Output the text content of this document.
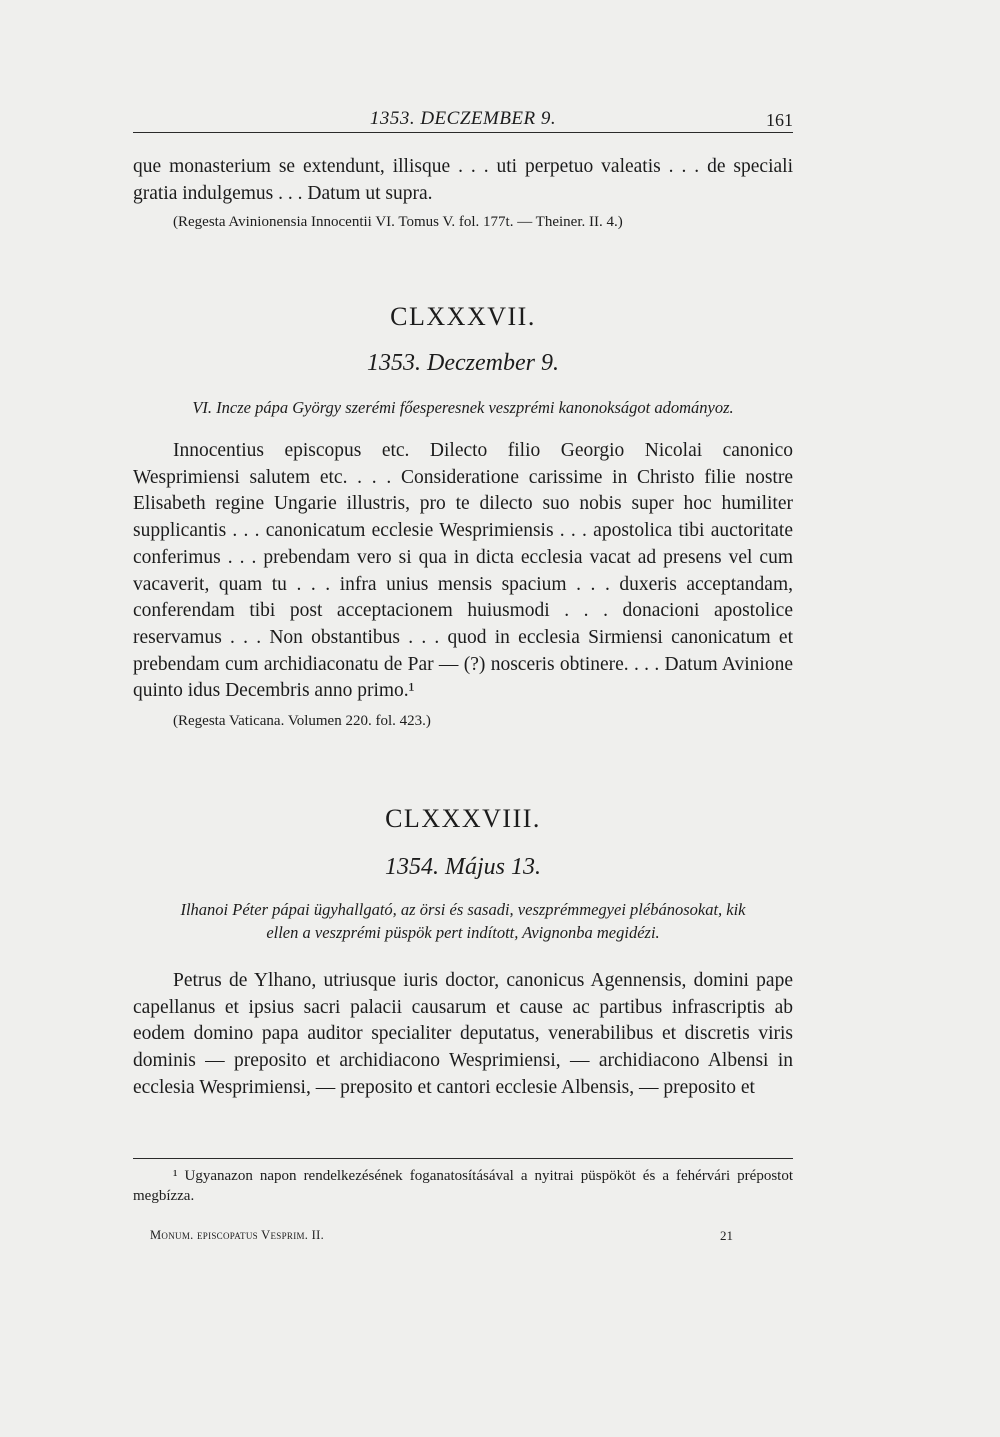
1353. DECZEMBER 9.	161

que monasterium se extendunt, illisque . . . uti perpetuo valeatis . . . de speciali gratia indulgemus . . . Datum ut supra.

(Regesta Avinionensia Innocentii VI. Tomus V. fol. 177t. — Theiner. II. 4.)

CLXXXVII.
1353. Deczember 9.

VI. Incze pápa György szerémi főesperesnek veszprémi kanonokságot adományoz.

Innocentius episcopus etc. Dilecto filio Georgio Nicolai canonico Wesprimiensi salutem etc. . . . Consideratione carissime in Christo filie nostre Elisabeth regine Ungarie illustris, pro te dilecto suo nobis super hoc humiliter supplicantis . . . canonicatum ecclesie Wesprimiensis . . . apostolica tibi auctoritate conferimus . . . prebendam vero si qua in dicta ecclesia vacat ad presens vel cum vacaverit, quam tu . . . infra unius mensis spacium . . . duxeris acceptandam, conferendam tibi post acceptacionem huiusmodi . . . donacioni apostolice reservamus . . . Non obstantibus . . . quod in ecclesia Sirmiensi canonicatum et prebendam cum archidiaconatu de Par — (?) nosceris obtinere. . . . Datum Avinione quinto idus Decembris anno primo.¹

(Regesta Vaticana. Volumen 220. fol. 423.)

CLXXXVIII.
1354. Május 13.

Ilhanoi Péter pápai ügyhallgató, az örsi és sasadi, veszprémmegyei plébánosokat, kik ellen a veszprémi püspök pert indított, Avignonba megidézi.

Petrus de Ylhano, utriusque iuris doctor, canonicus Agennensis, domini pape capellanus et ipsius sacri palacii causarum et cause ac partibus infrascriptis ab eodem domino papa auditor specialiter deputatus, venerabilibus et discretis viris dominis — preposito et archidiacono Wesprimiensi, — archidiacono Albensi in ecclesia Wesprimiensi, — preposito et cantori ecclesie Albensis, — preposito et

¹ Ugyanazon napon rendelkezésének foganatosításával a nyitrai püspököt és a fehérvári prépostot megbízza.

Monum. episcopatus Vesprim. II.	21
